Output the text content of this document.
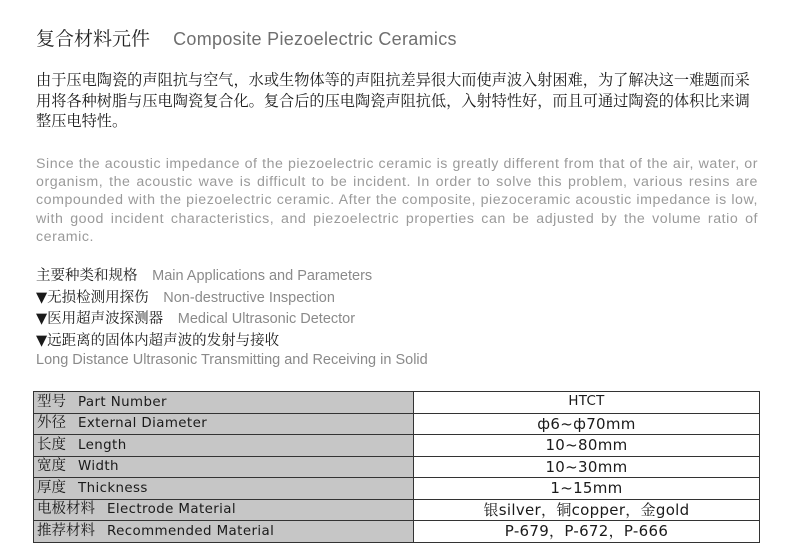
复合材料元件 Composite Piezoelectric Ceramics
由于压电陶瓷的声阻抗与空气，水或生物体等的声阻抗差异很大而使声波入射困难，为了解决这一难题而采用将各种树脂与压电陶瓷复合化。复合后的压电陶瓷声阻抗低，入射特性好，而且可通过陶瓷的体积比来调整压电特性。
Since the acoustic impedance of the piezoelectric ceramic is greatly different from that of the air, water, or organism, the acoustic wave is difficult to be incident. In order to solve this problem, various resins are compounded with the piezoelectric ceramic. After the composite, piezoceramic acoustic impedance is low, with good incident characteristics, and piezoelectric properties can be adjusted by the volume ratio of ceramic.
主要种类和规格 Main Applications and Parameters
▼无损检测用探伤 Non-destructive Inspection
▼医用超声波探测器 Medical Ultrasonic Detector
▼远距离的固体内超声波的发射与接收
Long Distance Ultrasonic Transmitting and Receiving in Solid
型号 Part Number	HTCT
外径 External Diameter	ф6~ф70mm
长度 Length	10~80mm
宽度 Width	10~30mm
厚度 Thickness	1~15mm
电极材料 Electrode Material	银silver，铜copper，金gold
推荐材料 Recommended Material	P-679，P-672，P-666
